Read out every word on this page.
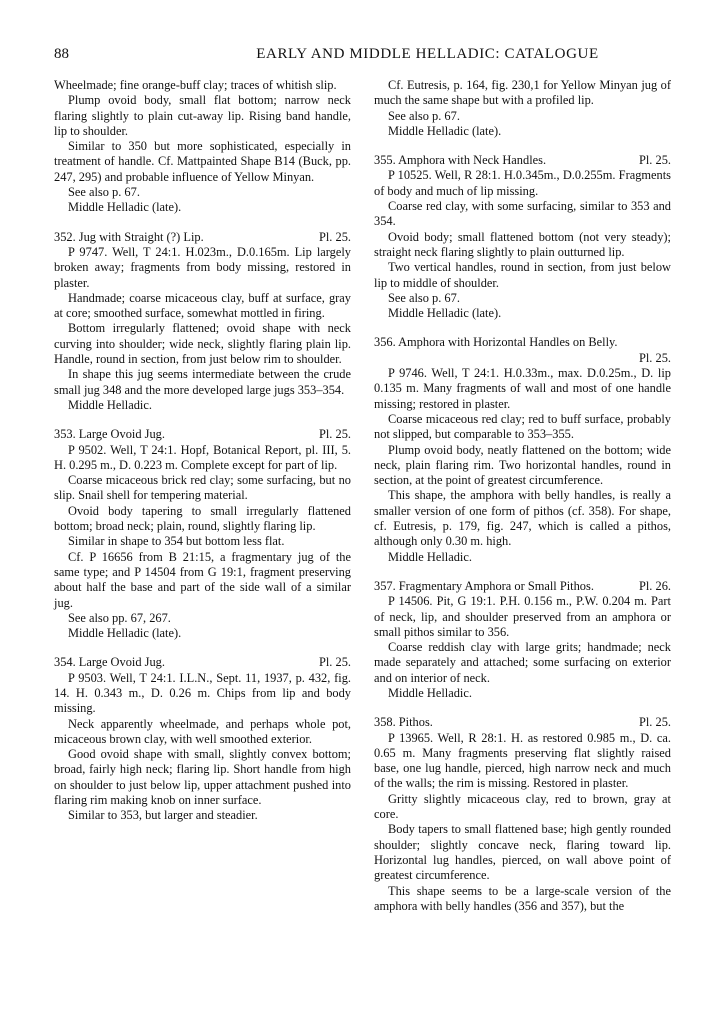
88	EARLY AND MIDDLE HELLADIC: CATALOGUE

Wheelmade; fine orange-buff clay; traces of whitish slip.

Plump ovoid body, small flat bottom; narrow neck flaring slightly to plain cut-away lip. Rising band handle, lip to shoulder.

Similar to 350 but more sophisticated, especially in treatment of handle. Cf. Mattpainted Shape B14 (Buck, pp. 247, 295) and probable influence of Yellow Minyan.

See also p. 67.

Middle Helladic (late).

352. Jug with Straight (?) Lip.	Pl. 25.

P 9747. Well, T 24:1. H.023m., D.0.165m. Lip largely broken away; fragments from body missing, restored in plaster.

Handmade; coarse micaceous clay, buff at surface, gray at core; smoothed surface, somewhat mottled in firing.

Bottom irregularly flattened; ovoid shape with neck curving into shoulder; wide neck, slightly flaring plain lip. Handle, round in section, from just below rim to shoulder.

In shape this jug seems intermediate between the crude small jug 348 and the more developed large jugs 353–354.

Middle Helladic.

353. Large Ovoid Jug.	Pl. 25.

P 9502. Well, T 24:1. Hopf, Botanical Report, pl. III, 5. H. 0.295 m., D. 0.223 m. Complete except for part of lip.

Coarse micaceous brick red clay; some surfacing, but no slip. Snail shell for tempering material.

Ovoid body tapering to small irregularly flattened bottom; broad neck; plain, round, slightly flaring lip.

Similar in shape to 354 but bottom less flat.

Cf. P 16656 from B 21:15, a fragmentary jug of the same type; and P 14504 from G 19:1, fragment preserving about half the base and part of the side wall of a similar jug.

See also pp. 67, 267.

Middle Helladic (late).

354. Large Ovoid Jug.	Pl. 25.

P 9503. Well, T 24:1. I.L.N., Sept. 11, 1937, p. 432, fig. 14. H. 0.343 m., D. 0.26 m. Chips from lip and body missing.

Neck apparently wheelmade, and perhaps whole pot, micaceous brown clay, with well smoothed exterior.

Good ovoid shape with small, slightly convex bottom; broad, fairly high neck; flaring lip. Short handle from high on shoulder to just below lip, upper attachment pushed into flaring rim making knob on inner surface.

Similar to 353, but larger and steadier.

Cf. Eutresis, p. 164, fig. 230,1 for Yellow Minyan jug of much the same shape but with a profiled lip.

See also p. 67.

Middle Helladic (late).

355. Amphora with Neck Handles.	Pl. 25.

P 10525. Well, R 28:1. H.0.345m., D.0.255m. Fragments of body and much of lip missing.

Coarse red clay, with some surfacing, similar to 353 and 354.

Ovoid body; small flattened bottom (not very steady); straight neck flaring slightly to plain outturned lip.

Two vertical handles, round in section, from just below lip to middle of shoulder.

See also p. 67.

Middle Helladic (late).

356. Amphora with Horizontal Handles on Belly.
Pl. 25.

P 9746. Well, T 24:1. H.0.33m., max. D.0.25m., D. lip 0.135 m. Many fragments of wall and most of one handle missing; restored in plaster.

Coarse micaceous red clay; red to buff surface, probably not slipped, but comparable to 353–355.

Plump ovoid body, neatly flattened on the bottom; wide neck, plain flaring rim. Two horizontal handles, round in section, at the point of greatest circumference.

This shape, the amphora with belly handles, is really a smaller version of one form of pithos (cf. 358). For shape, cf. Eutresis, p. 179, fig. 247, which is called a pithos, although only 0.30 m. high.

Middle Helladic.

357. Fragmentary Amphora or Small Pithos.	Pl. 26.

P 14506. Pit, G 19:1. P.H. 0.156 m., P.W. 0.204 m. Part of neck, lip, and shoulder preserved from an amphora or small pithos similar to 356.

Coarse reddish clay with large grits; handmade; neck made separately and attached; some surfacing on exterior and on interior of neck.

Middle Helladic.

358. Pithos.	Pl. 25.

P 13965. Well, R 28:1. H. as restored 0.985 m., D. ca. 0.65 m. Many fragments preserving flat slightly raised base, one lug handle, pierced, high narrow neck and much of the walls; the rim is missing. Restored in plaster.

Gritty slightly micaceous clay, red to brown, gray at core.

Body tapers to small flattened base; high gently rounded shoulder; slightly concave neck, flaring toward lip. Horizontal lug handles, pierced, on wall above point of greatest circumference.

This shape seems to be a large-scale version of the amphora with belly handles (356 and 357), but the
